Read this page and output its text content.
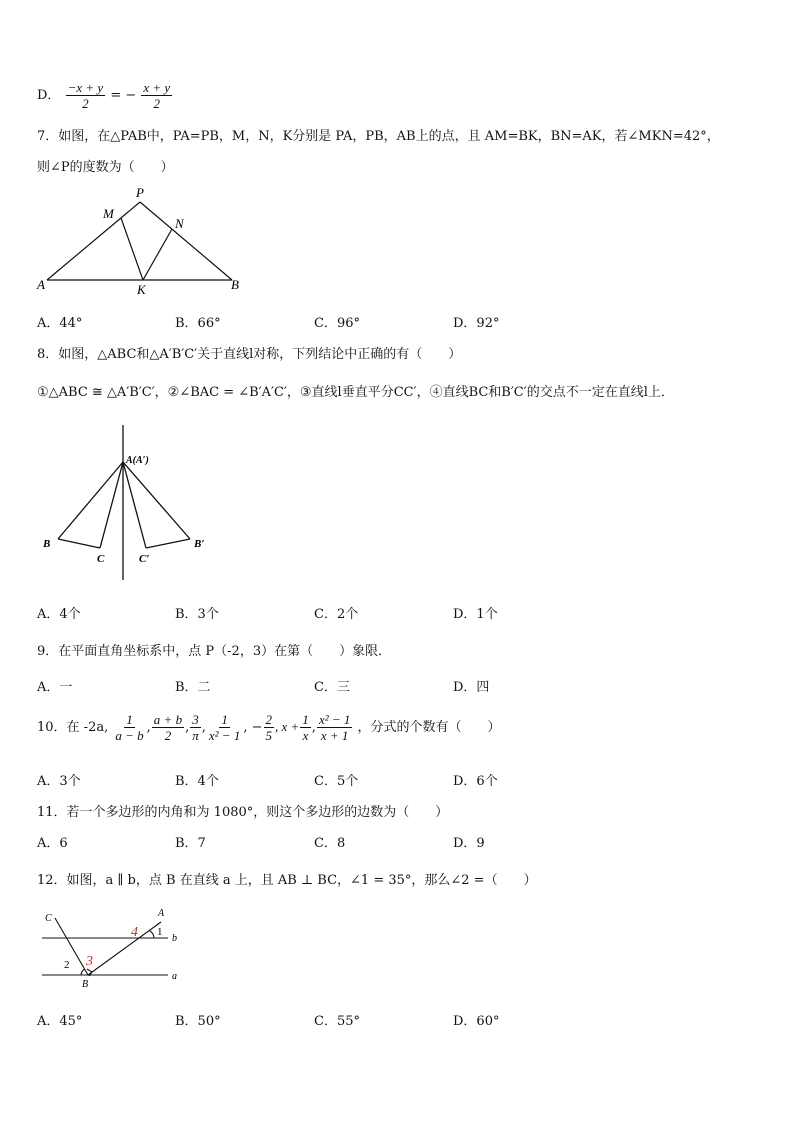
D． $\frac{-x + y}{2}$ = − $\frac{x + y}{2}$
7．如图，在△PAB中，PA=PB，M，N，K分别是 PA，PB，AB上的点，且 AM=BK，BN=AK，若∠MKN=42°，
则∠P的度数为（　　）
P
M
N
A	K	B
A．44°	B．66°	C．96°	D．92°
8．如图，△ABC和△A′B′C′关于直线l对称，下列结论中正确的有（　　）
①△ABC ≅ △A′B′C′，②∠BAC = ∠B′A′C′，③直线l垂直平分CC′，④直线BC和B′C′的交点不一定在直线l上．
A(A′)
B
C	C′
B′
A．4个	B．3个	C．2个	D．1个
9．在平面直角坐标系中，点 P（-2，3）在第（　　）象限．
A．一	B．二	C．三	D．四
10．在 -2a, $\frac{1}{a - b}$ , $\frac{a + b}{2}$ , $\frac{3}{\pi}$ , $\frac{1}{\text{x² − 1}}$ , − $\frac{2}{5}$ , $x + \frac{1}{x}$ , $\frac{\text{x² − 1}}{x + 1}$ ，分式的个数有（　　）
A．3个	B．4个	C．5个	D．6个
11．若一个多边形的内角和为 1080°，则这个多边形的边数为（　　）
A．6	B．7	C．8	D．9
12．如图，a ∥ b，点 B 在直线 a 上，且 AB ⊥ BC，∠1 = 35°，那么∠2 =（　　）
C	A
b
a
1
2 3
4
B
A．45°	B．50°	C．55°	D．60°
